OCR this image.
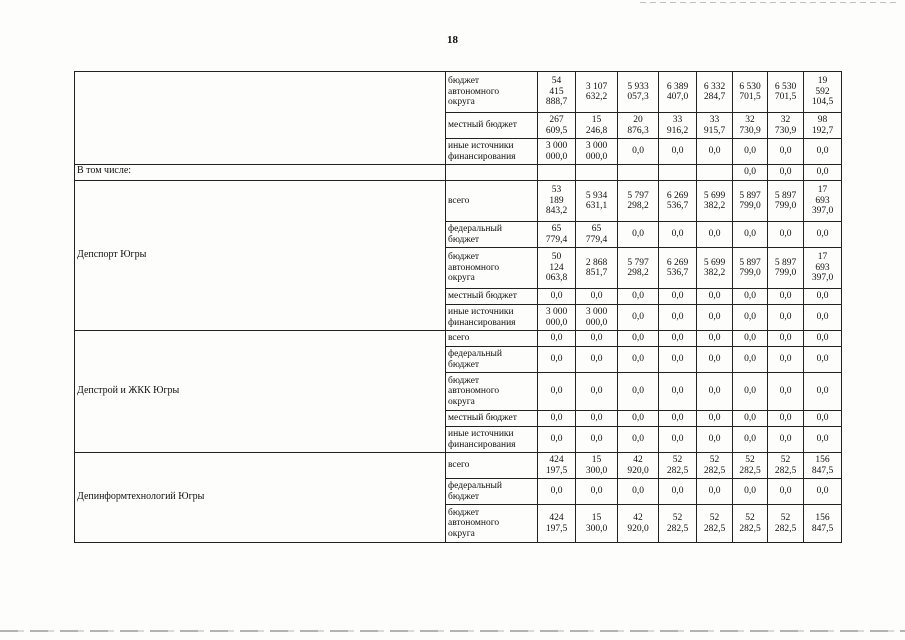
18
	бюджет
автономного
округа	54
415
888,7	3 107
632,2	5 933
057,3	6 389
407,0	6 332
284,7	6 530
701,5	6 530
701,5	19
592
104,5
	местный бюджет	267
609,5	15
246,8	20
876,3	33
916,2	33
915,7	32
730,9	32
730,9	98
192,7
	иные источники
финансирования	3 000
000,0	3 000
000,0	0,0	0,0	0,0	0,0	0,0	0,0
В том числе:							0,0	0,0	0,0
Депспорт Югры	всего	53
189
843,2	5 934
631,1	5 797
298,2	6 269
536,7	5 699
382,2	5 897
799,0	5 897
799,0	17
693
397,0
	федеральный
бюджет	65
779,4	65
779,4	0,0	0,0	0,0	0,0	0,0	0,0
	бюджет
автономного
округа	50
124
063,8	2 868
851,7	5 797
298,2	6 269
536,7	5 699
382,2	5 897
799,0	5 897
799,0	17
693
397,0
	местный бюджет	0,0	0,0	0,0	0,0	0,0	0,0	0,0	0,0
	иные источники
финансирования	3 000
000,0	3 000
000,0	0,0	0,0	0,0	0,0	0,0	0,0
Депстрой и ЖКК Югры	всего	0,0	0,0	0,0	0,0	0,0	0,0	0,0	0,0
	федеральный
бюджет	0,0	0,0	0,0	0,0	0,0	0,0	0,0	0,0
	бюджет
автономного
округа	0,0	0,0	0,0	0,0	0,0	0,0	0,0	0,0
	местный бюджет	0,0	0,0	0,0	0,0	0,0	0,0	0,0	0,0
	иные источники
финансирования	0,0	0,0	0,0	0,0	0,0	0,0	0,0	0,0
Депинформтехнологий Югры	всего	424
197,5	15
300,0	42
920,0	52
282,5	52
282,5	52
282,5	52
282,5	156
847,5
	федеральный
бюджет	0,0	0,0	0,0	0,0	0,0	0,0	0,0	0,0
	бюджет
автономного
округа	424
197,5	15
300,0	42
920,0	52
282,5	52
282,5	52
282,5	52
282,5	156
847,5
